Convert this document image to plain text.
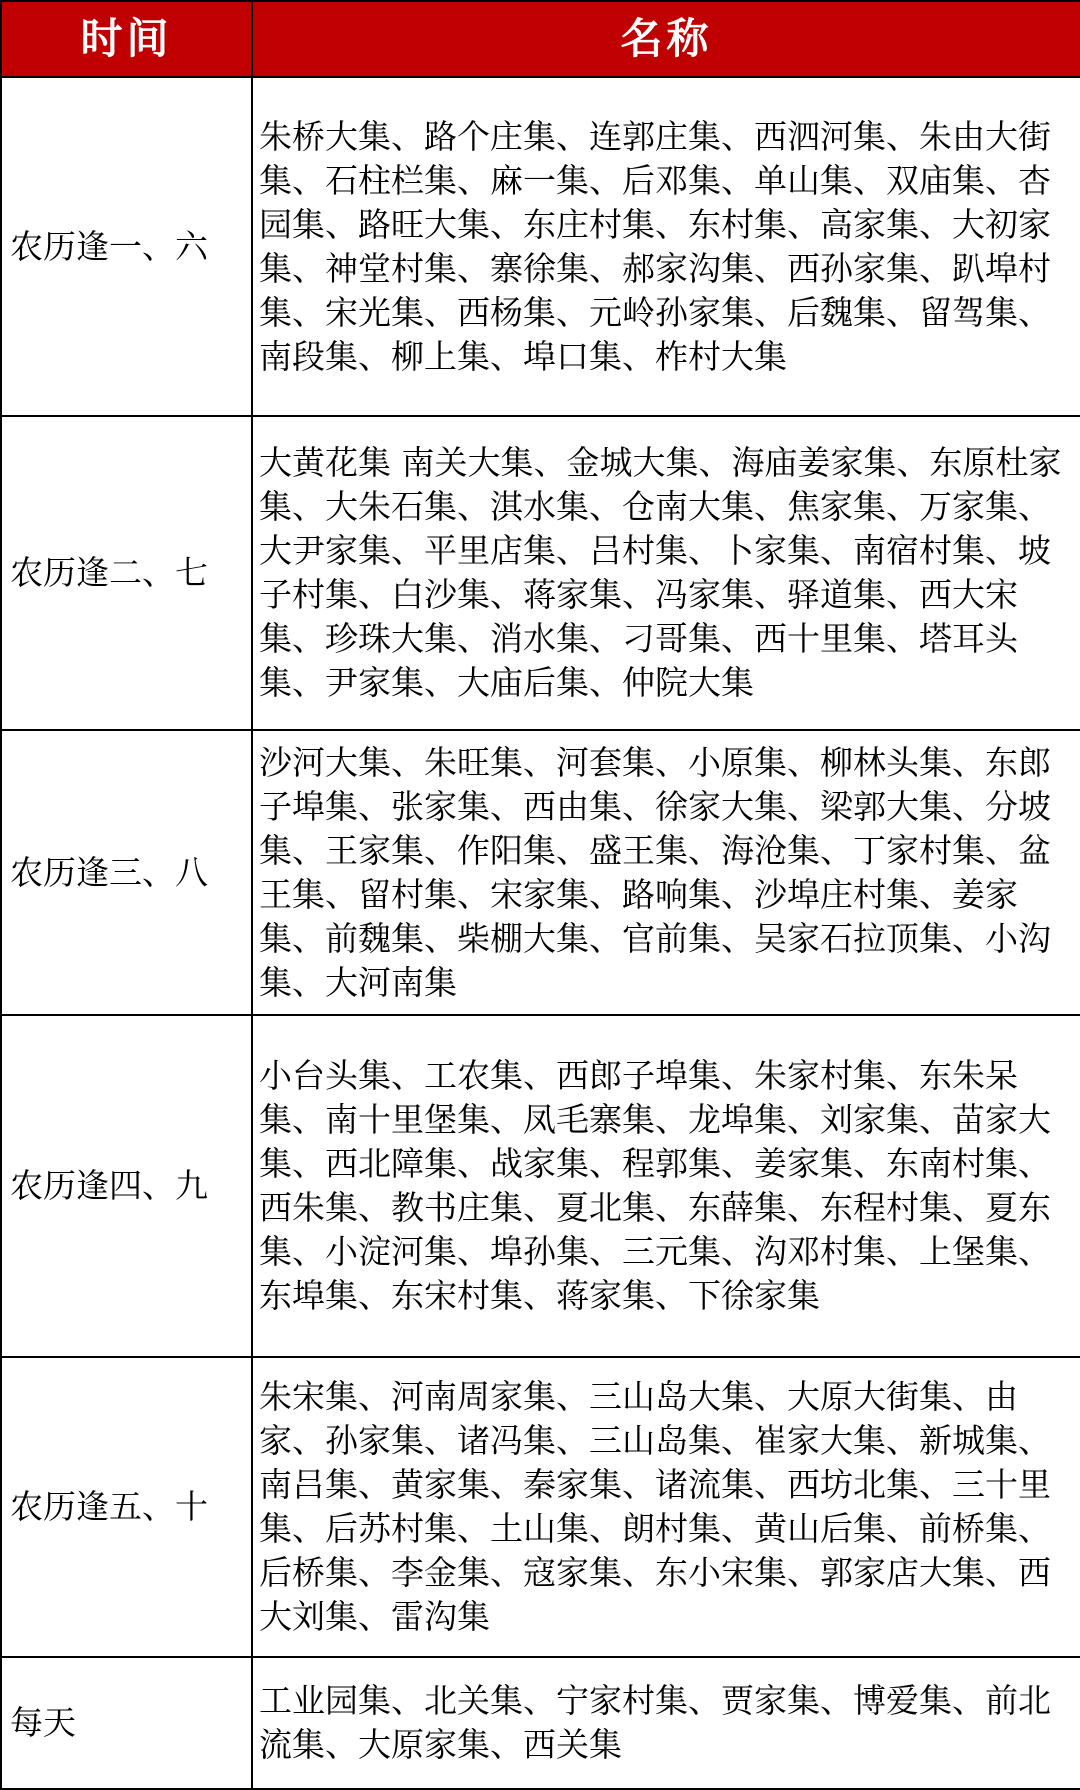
时间	名称
农历逢一、六	朱桥大集、路个庄集、连郭庄集、西泗河集、朱由大街集、石柱栏集、麻一集、后邓集、单山集、双庙集、杏园集、路旺大集、东庄村集、东村集、高家集、大初家集、神堂村集、寨徐集、郝家沟集、西孙家集、趴埠村集、宋光集、西杨集、元岭孙家集、后魏集、留驾集、南段集、柳上集、埠口集、柞村大集
农历逢二、七	大黄花集 南关大集、金城大集、海庙姜家集、东原杜家集、大朱石集、淇水集、仓南大集、焦家集、万家集、大尹家集、平里店集、吕村集、卜家集、南宿村集、坡子村集、白沙集、蒋家集、冯家集、驿道集、西大宋集、珍珠大集、消水集、刁哥集、西十里集、塔耳头集、尹家集、大庙后集、仲院大集
农历逢三、八	沙河大集、朱旺集、河套集、小原集、柳林头集、东郎子埠集、张家集、西由集、徐家大集、梁郭大集、分坡集、王家集、作阳集、盛王集、海沧集、丁家村集、盆王集、留村集、宋家集、路响集、沙埠庄村集、姜家集、前魏集、柴棚大集、官前集、吴家石拉顶集、小沟集、大河南集
农历逢四、九	小台头集、工农集、西郎子埠集、朱家村集、东朱呆集、南十里堡集、凤毛寨集、龙埠集、刘家集、苗家大集、西北障集、战家集、程郭集、姜家集、东南村集、西朱集、教书庄集、夏北集、东薛集、东程村集、夏东集、小淀河集、埠孙集、三元集、沟邓村集、上堡集、东埠集、东宋村集、蒋家集、下徐家集
农历逢五、十	朱宋集、河南周家集、三山岛大集、大原大街集、由家、孙家集、诸冯集、三山岛集、崔家大集、新城集、南吕集、黄家集、秦家集、诸流集、西坊北集、三十里集、后苏村集、土山集、朗村集、黄山后集、前桥集、后桥集、李金集、寇家集、东小宋集、郭家店大集、西大刘集、雷沟集
每天	工业园集、北关集、宁家村集、贾家集、博爱集、前北流集、大原家集、西关集
